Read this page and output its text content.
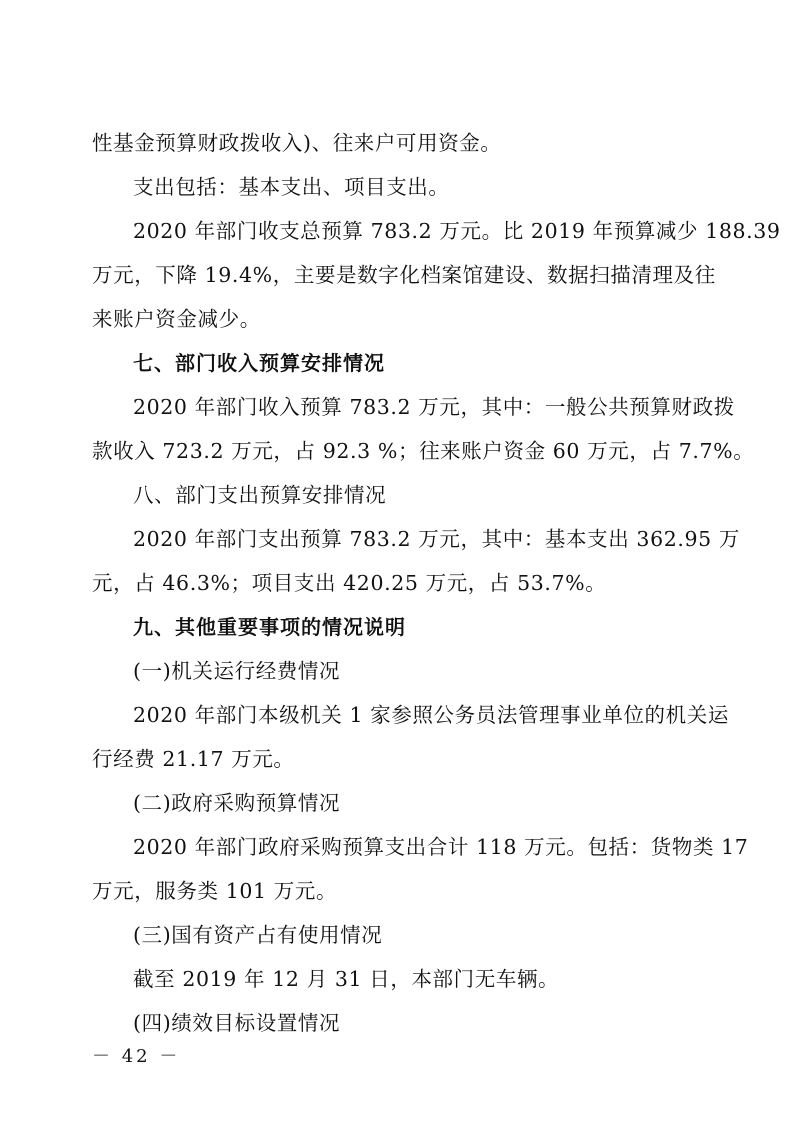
性基金预算财政拨收入)、往来户可用资金。
支出包括：基本支出、项目支出。
2020 年部门收支总预算 783.2 万元。比 2019 年预算减少 188.39
万元，下降 19.4%，主要是数字化档案馆建设、数据扫描清理及往
来账户资金减少。
七、部门收入预算安排情况
2020 年部门收入预算 783.2 万元，其中：一般公共预算财政拨
款收入 723.2 万元，占 92.3 %；往来账户资金 60 万元，占 7.7%。
八、部门支出预算安排情况
2020 年部门支出预算 783.2 万元，其中：基本支出 362.95 万
元，占 46.3%；项目支出 420.25 万元，占 53.7%。
九、其他重要事项的情况说明
(一)机关运行经费情况
2020 年部门本级机关 1 家参照公务员法管理事业单位的机关运
行经费 21.17 万元。
(二)政府采购预算情况
2020 年部门政府采购预算支出合计 118 万元。包括：货物类 17
万元，服务类 101 万元。
(三)国有资产占有使用情况
截至 2019 年 12 月 31 日，本部门无车辆。
(四)绩效目标设置情况
－ 42 －
